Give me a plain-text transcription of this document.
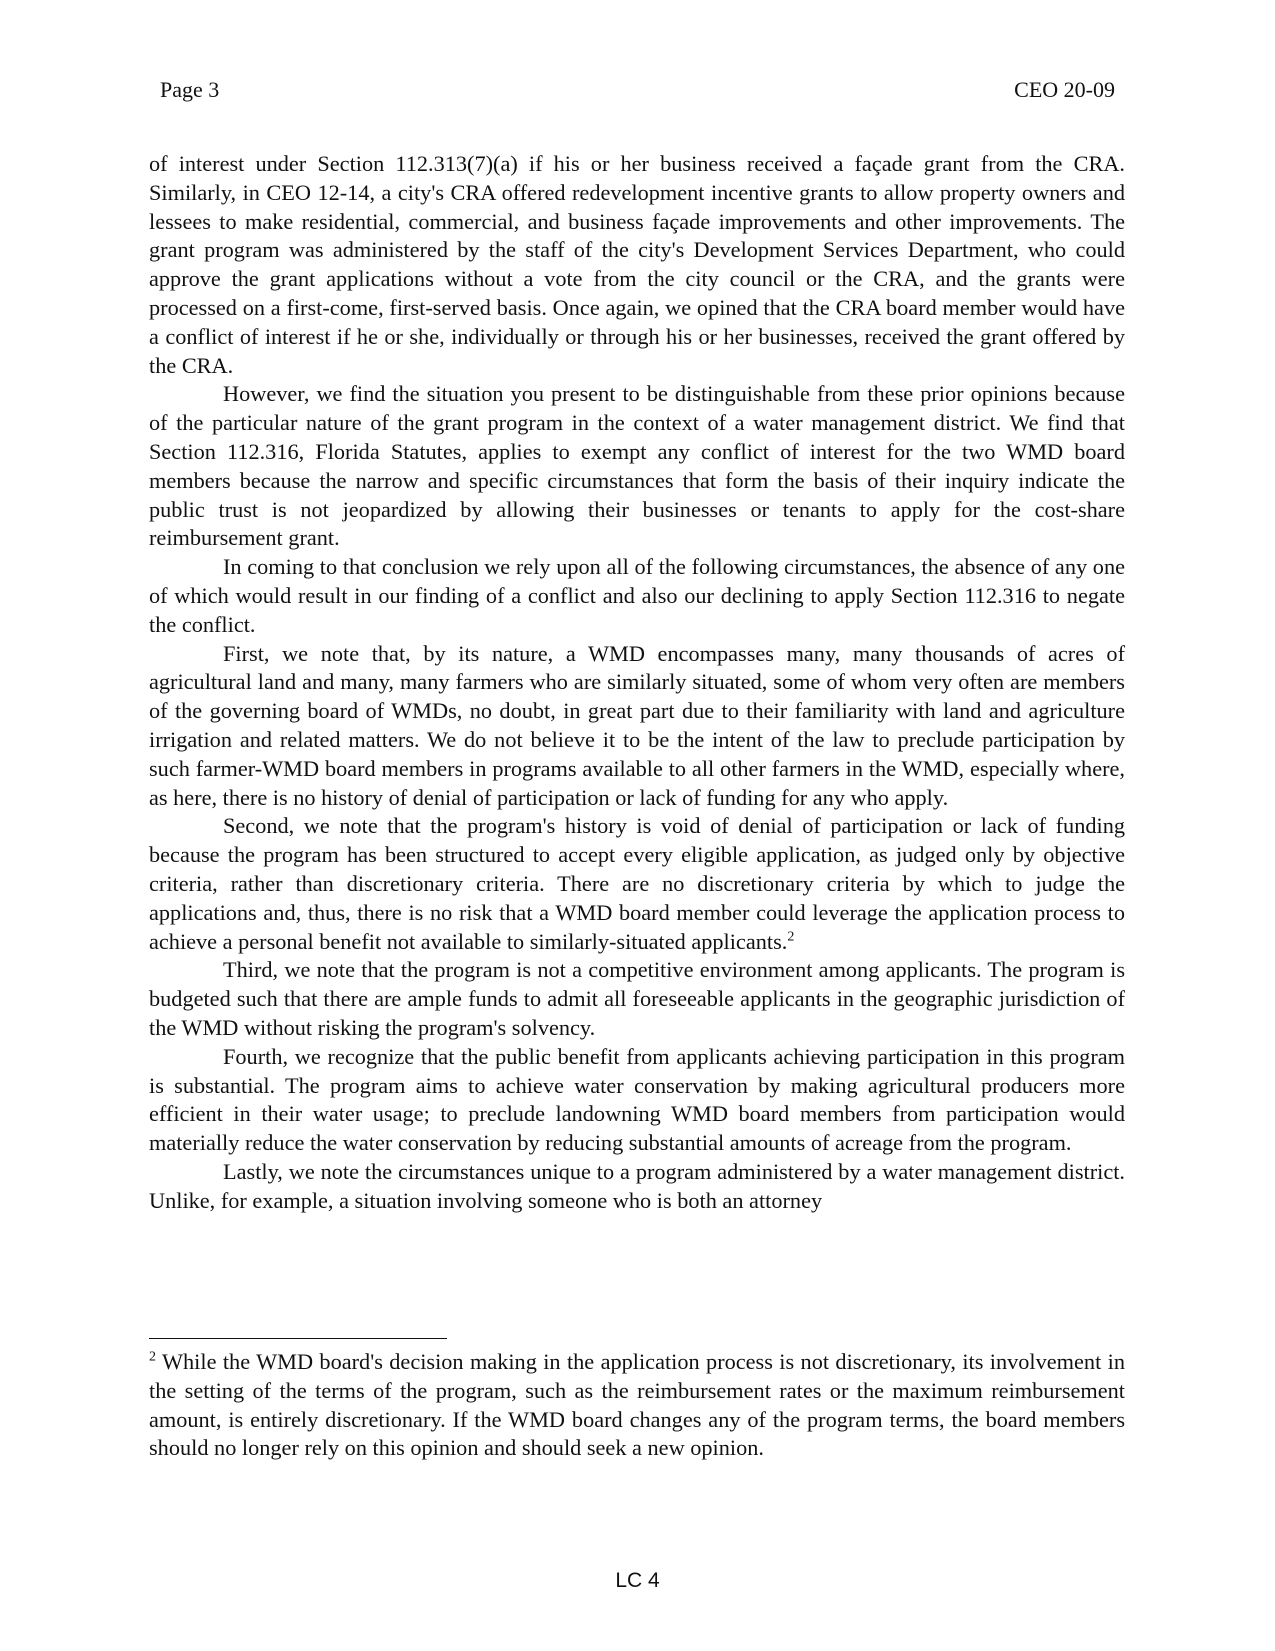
Page 3	CEO 20-09

of interest under Section 112.313(7)(a) if his or her business received a façade grant from the CRA. Similarly, in CEO 12-14, a city's CRA offered redevelopment incentive grants to allow property owners and lessees to make residential, commercial, and business façade improvements and other improvements. The grant program was administered by the staff of the city's Development Services Department, who could approve the grant applications without a vote from the city council or the CRA, and the grants were processed on a first-come, first-served basis. Once again, we opined that the CRA board member would have a conflict of interest if he or she, individually or through his or her businesses, received the grant offered by the CRA.

However, we find the situation you present to be distinguishable from these prior opinions because of the particular nature of the grant program in the context of a water management district. We find that Section 112.316, Florida Statutes, applies to exempt any conflict of interest for the two WMD board members because the narrow and specific circumstances that form the basis of their inquiry indicate the public trust is not jeopardized by allowing their businesses or tenants to apply for the cost-share reimbursement grant.

In coming to that conclusion we rely upon all of the following circumstances, the absence of any one of which would result in our finding of a conflict and also our declining to apply Section 112.316 to negate the conflict.

First, we note that, by its nature, a WMD encompasses many, many thousands of acres of agricultural land and many, many farmers who are similarly situated, some of whom very often are members of the governing board of WMDs, no doubt, in great part due to their familiarity with land and agriculture irrigation and related matters. We do not believe it to be the intent of the law to preclude participation by such farmer-WMD board members in programs available to all other farmers in the WMD, especially where, as here, there is no history of denial of participation or lack of funding for any who apply.

Second, we note that the program's history is void of denial of participation or lack of funding because the program has been structured to accept every eligible application, as judged only by objective criteria, rather than discretionary criteria. There are no discretionary criteria by which to judge the applications and, thus, there is no risk that a WMD board member could leverage the application process to achieve a personal benefit not available to similarly-situated applicants.$^2$

Third, we note that the program is not a competitive environment among applicants. The program is budgeted such that there are ample funds to admit all foreseeable applicants in the geographic jurisdiction of the WMD without risking the program's solvency.

Fourth, we recognize that the public benefit from applicants achieving participation in this program is substantial. The program aims to achieve water conservation by making agricultural producers more efficient in their water usage; to preclude landowning WMD board members from participation would materially reduce the water conservation by reducing substantial amounts of acreage from the program.

Lastly, we note the circumstances unique to a program administered by a water management district. Unlike, for example, a situation involving someone who is both an attorney

$^2$ While the WMD board's decision making in the application process is not discretionary, its involvement in the setting of the terms of the program, such as the reimbursement rates or the maximum reimbursement amount, is entirely discretionary. If the WMD board changes any of the program terms, the board members should no longer rely on this opinion and should seek a new opinion.

LC 4
